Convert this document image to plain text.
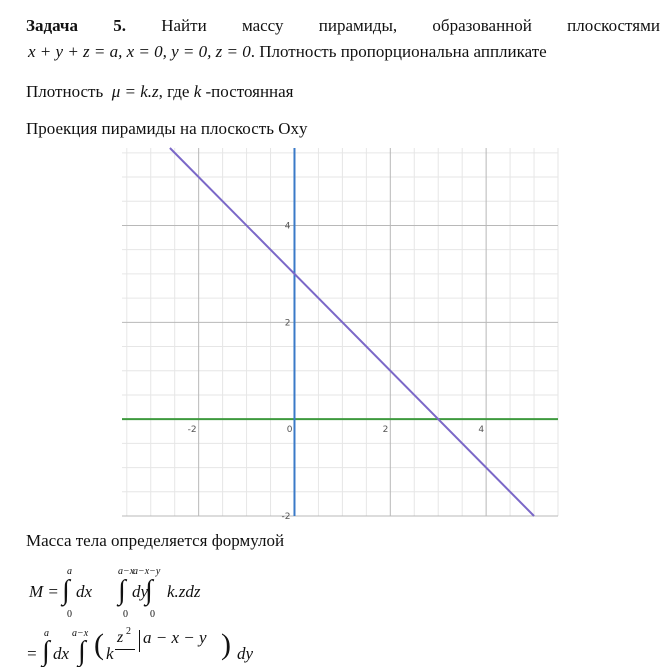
Задача 5. Найти массу пирамиды, образованной плоскостями
x + y + z = a, x = 0, y = 0, z = 0. Плотность пропорциональна аппликате
Плотность μ = k.z, где k -постоянная
Проекция пирамиды на плоскость Oxy
-2	0	2	4
-2
2
4
Масса тела определяется формулой
M =
a
∫
0
dx
a−x
∫
0
dy
a−x−y
∫
0
k.zdz
a
= ∫ dx
a−x
∫ ( k
z 2 a − x − y ) dy
